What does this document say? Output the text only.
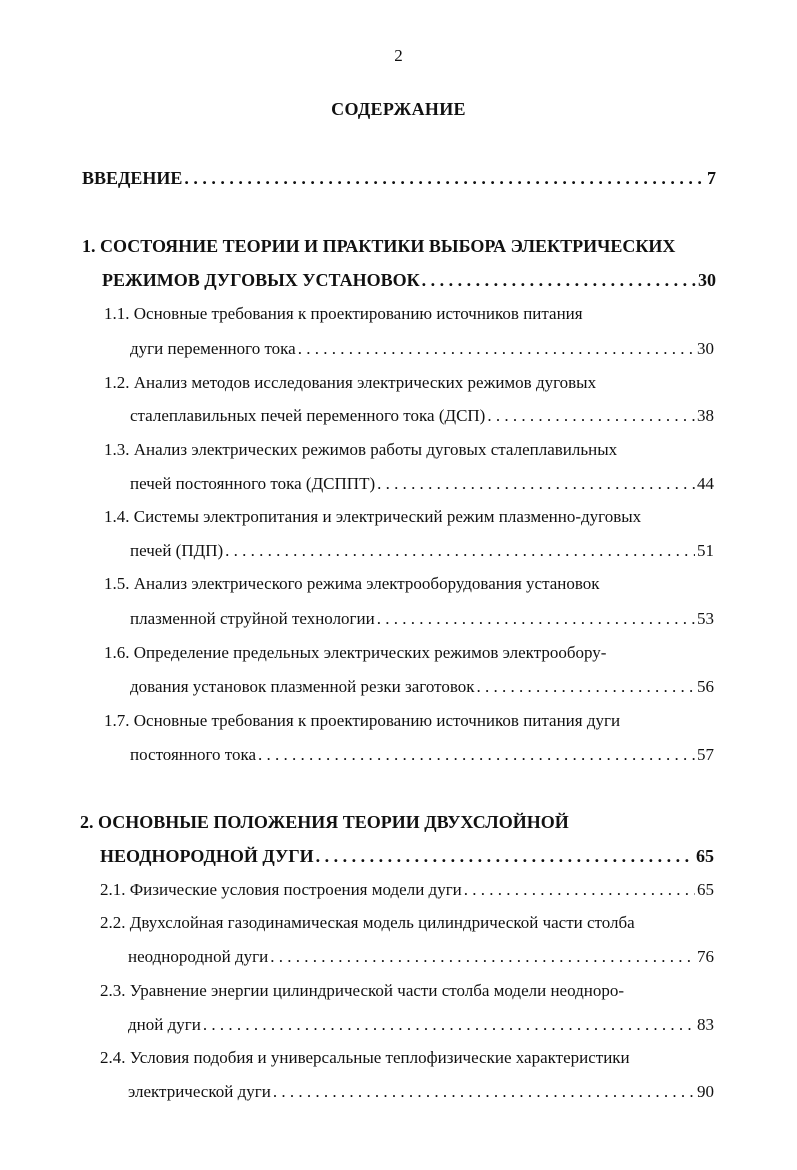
2
СОДЕРЖАНИЕ
ВВЕДЕНИЕ . . .	7
1. СОСТОЯНИЕ ТЕОРИИ И ПРАКТИКИ ВЫБОРА ЭЛЕКТРИЧЕСКИХ
РЕЖИМОВ ДУГОВЫХ УСТАНОВОК . . .	30
1.1. Основные требования к проектированию источников питания
дуги переменного тока . . .	30
1.2. Анализ методов исследования электрических режимов дуговых
сталеплавильных печей переменного тока (ДСП) . . .	38
1.3. Анализ электрических режимов работы дуговых сталеплавильных
печей постоянного тока (ДСППТ) . . .	44
1.4. Системы электропитания и электрический режим плазменно-дуговых
печей (ПДП) . . .	51
1.5. Анализ электрического режима электрооборудования установок
плазменной струйной технологии . . .	53
1.6. Определение предельных электрических режимов электрообору-
дования установок плазменной резки заготовок . . .	56
1.7. Основные требования к проектированию источников питания дуги
постоянного тока . . .	57
2. ОСНОВНЫЕ ПОЛОЖЕНИЯ ТЕОРИИ ДВУХСЛОЙНОЙ
НЕОДНОРОДНОЙ ДУГИ . . .	65
2.1. Физические условия построения модели дуги . . .	65
2.2. Двухслойная газодинамическая модель цилиндрической части столба
неоднородной дуги . . .	76
2.3. Уравнение энергии цилиндрической части столба модели неоднoро-
дной дуги . . .	83
2.4. Условия подобия и универсальные теплофизические характеристики
электрической дуги . . .	90
